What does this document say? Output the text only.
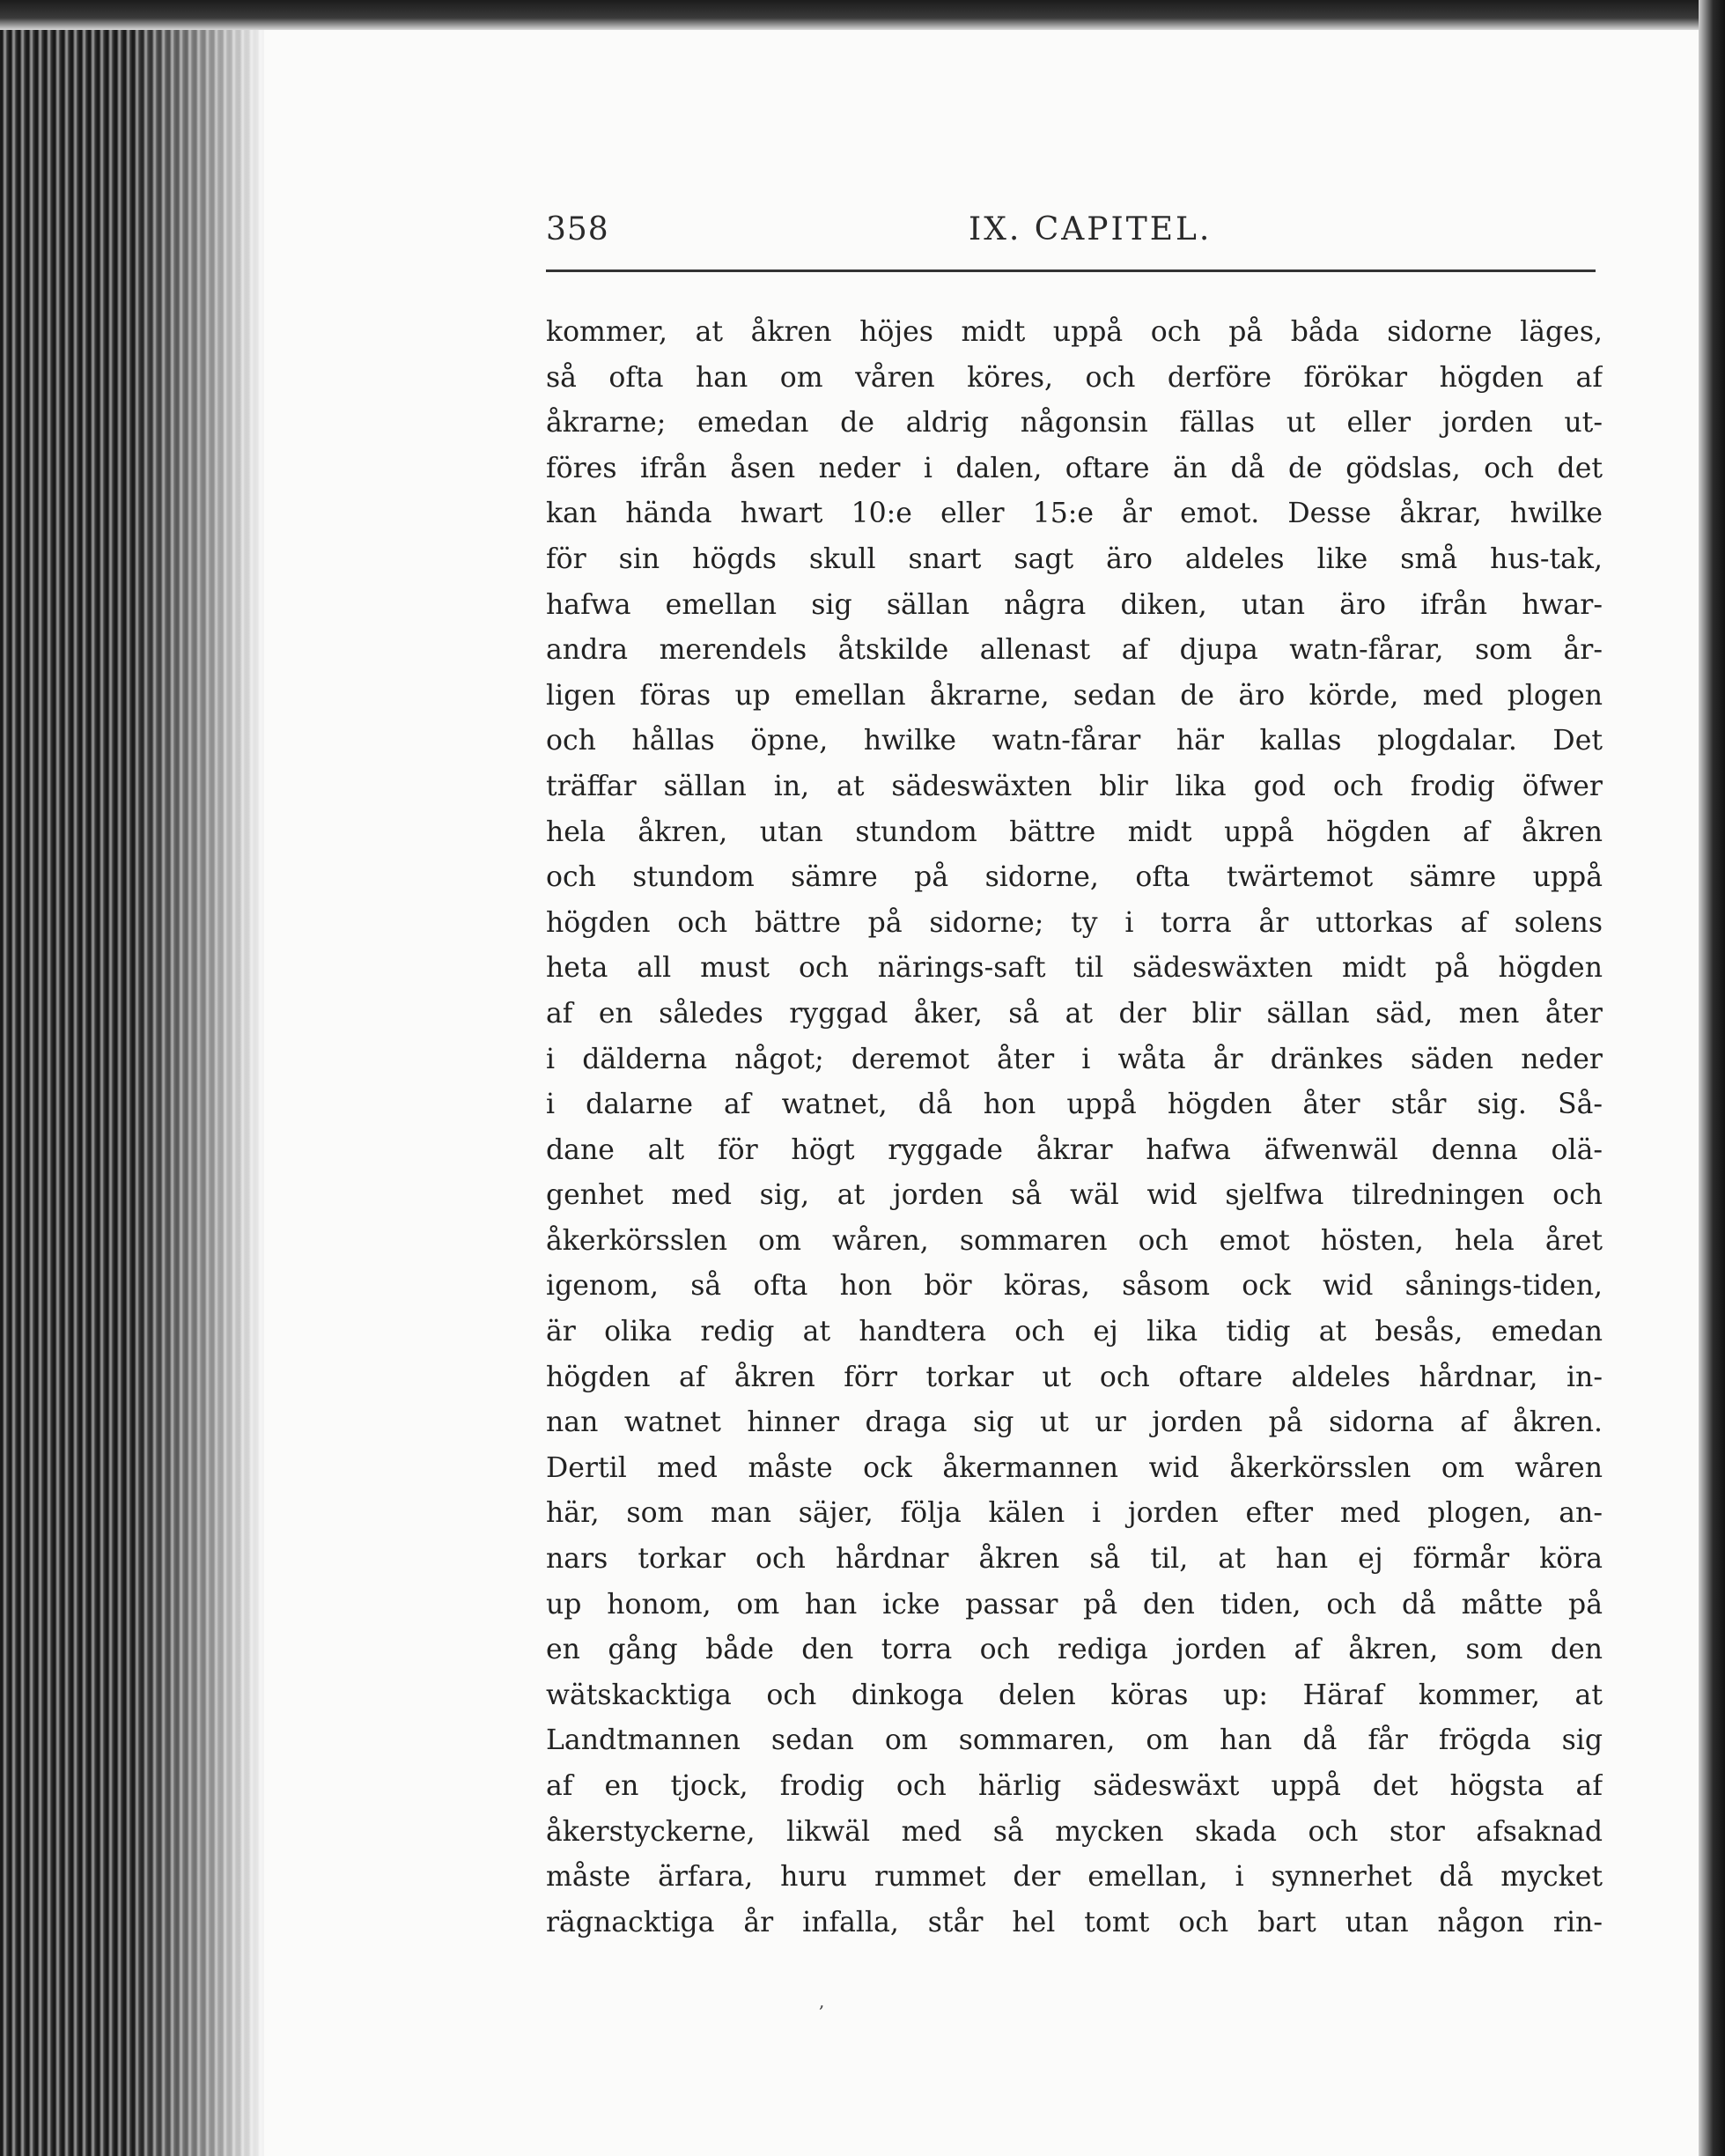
358	IX. CAPITEL.
kommer, at åkren höjes midt uppå och på båda sidorne läges,
så ofta han om våren köres, och derföre förökar högden af
åkrarne; emedan de aldrig någonsin fällas ut eller jorden ut-
föres ifrån åsen neder i dalen, oftare än då de gödslas, och det
kan hända hwart 10:e eller 15:e år emot. Desse åkrar, hwilke
för sin högds skull snart sagt äro aldeles like små hus-tak,
hafwa emellan sig sällan några diken, utan äro ifrån hwar-
andra merendels åtskilde allenast af djupa watn-fårar, som år-
ligen föras up emellan åkrarne, sedan de äro körde, med plogen
och hållas öpne, hwilke watn-fårar här kallas plogdalar. Det
träffar sällan in, at sädeswäxten blir lika god och frodig öfwer
hela åkren, utan stundom bättre midt uppå högden af åkren
och stundom sämre på sidorne, ofta twärtemot sämre uppå
högden och bättre på sidorne; ty i torra år uttorkas af solens
heta all must och närings-saft til sädeswäxten midt på högden
af en således ryggad åker, så at der blir sällan säd, men åter
i dälderna något; deremot åter i wåta år dränkes säden neder
i dalarne af watnet, då hon uppå högden åter står sig. Så-
dane alt för högt ryggade åkrar hafwa äfwenwäl denna olä-
genhet med sig, at jorden så wäl wid sjelfwa tilredningen och
åkerkörsslen om wåren, sommaren och emot hösten, hela året
igenom, så ofta hon bör köras, såsom ock wid sånings-tiden,
är olika redig at handtera och ej lika tidig at besås, emedan
högden af åkren förr torkar ut och oftare aldeles hårdnar, in-
nan watnet hinner draga sig ut ur jorden på sidorna af åkren.
Dertil med måste ock åkermannen wid åkerkörsslen om wåren
här, som man säjer, följa kälen i jorden efter med plogen, an-
nars torkar och hårdnar åkren så til, at han ej förmår köra
up honom, om han icke passar på den tiden, och då måtte på
en gång både den torra och rediga jorden af åkren, som den
wätskacktiga och dinkoga delen köras up: Häraf kommer, at
Landtmannen sedan om sommaren, om han då får frögda sig
af en tjock, frodig och härlig sädeswäxt uppå det högsta af
åkerstyckerne, likwäl med så mycken skada och stor afsaknad
måste ärfara, huru rummet der emellan, i synnerhet då mycket
rägnacktiga år infalla, står hel tomt och bart utan någon rin-
,
